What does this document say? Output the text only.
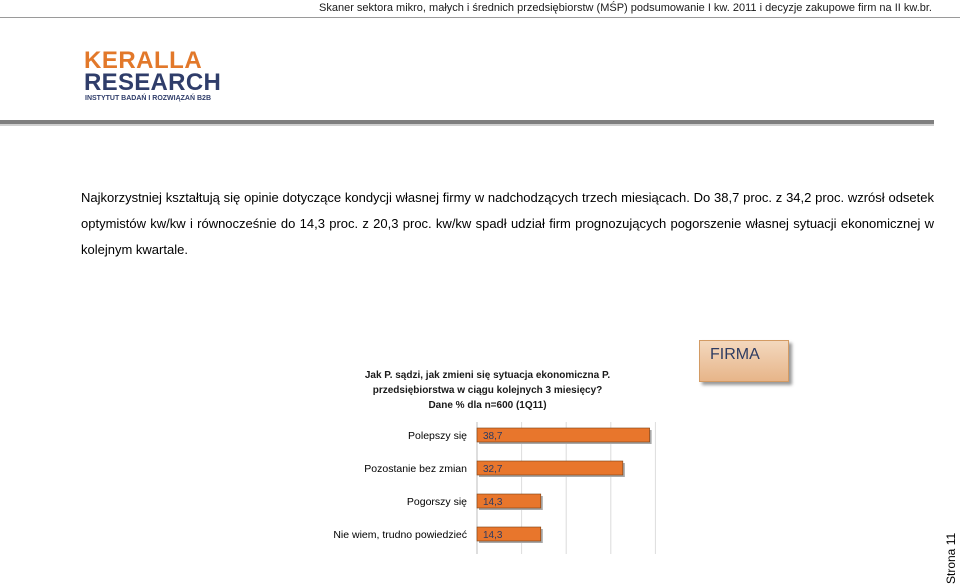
Skaner sektora mikro, małych i średnich przedsiębiorstw (MŚP) podsumowanie I kw. 2011 i decyzje zakupowe firm na II kw.br.
KERALLA
RESEARCH
INSTYTUT BADAŃ I ROZWIĄZAŃ B2B
Najkorzystniej kształtują się opinie dotyczące kondycji własnej firmy w nadchodzących trzech miesiącach. Do 38,7 proc. z 34,2 proc. wzrósł odsetek optymistów kw/kw i równocześnie do 14,3 proc. z 20,3 proc. kw/kw spadł udział firm prognozujących pogorszenie własnej sytuacji ekonomicznej w kolejnym kwartale.
Jak P. sądzi, jak zmieni się sytuacja ekonomiczna P.
przedsiębiorstwa w ciągu kolejnych 3 miesięcy?
Dane % dla n=600 (1Q11)
FIRMA
Polepszy się 38,7
Pozostanie bez zmian 32,7
Pogorszy się 14,3
Nie wiem, trudno powiedzieć 14,3	Strona 11
